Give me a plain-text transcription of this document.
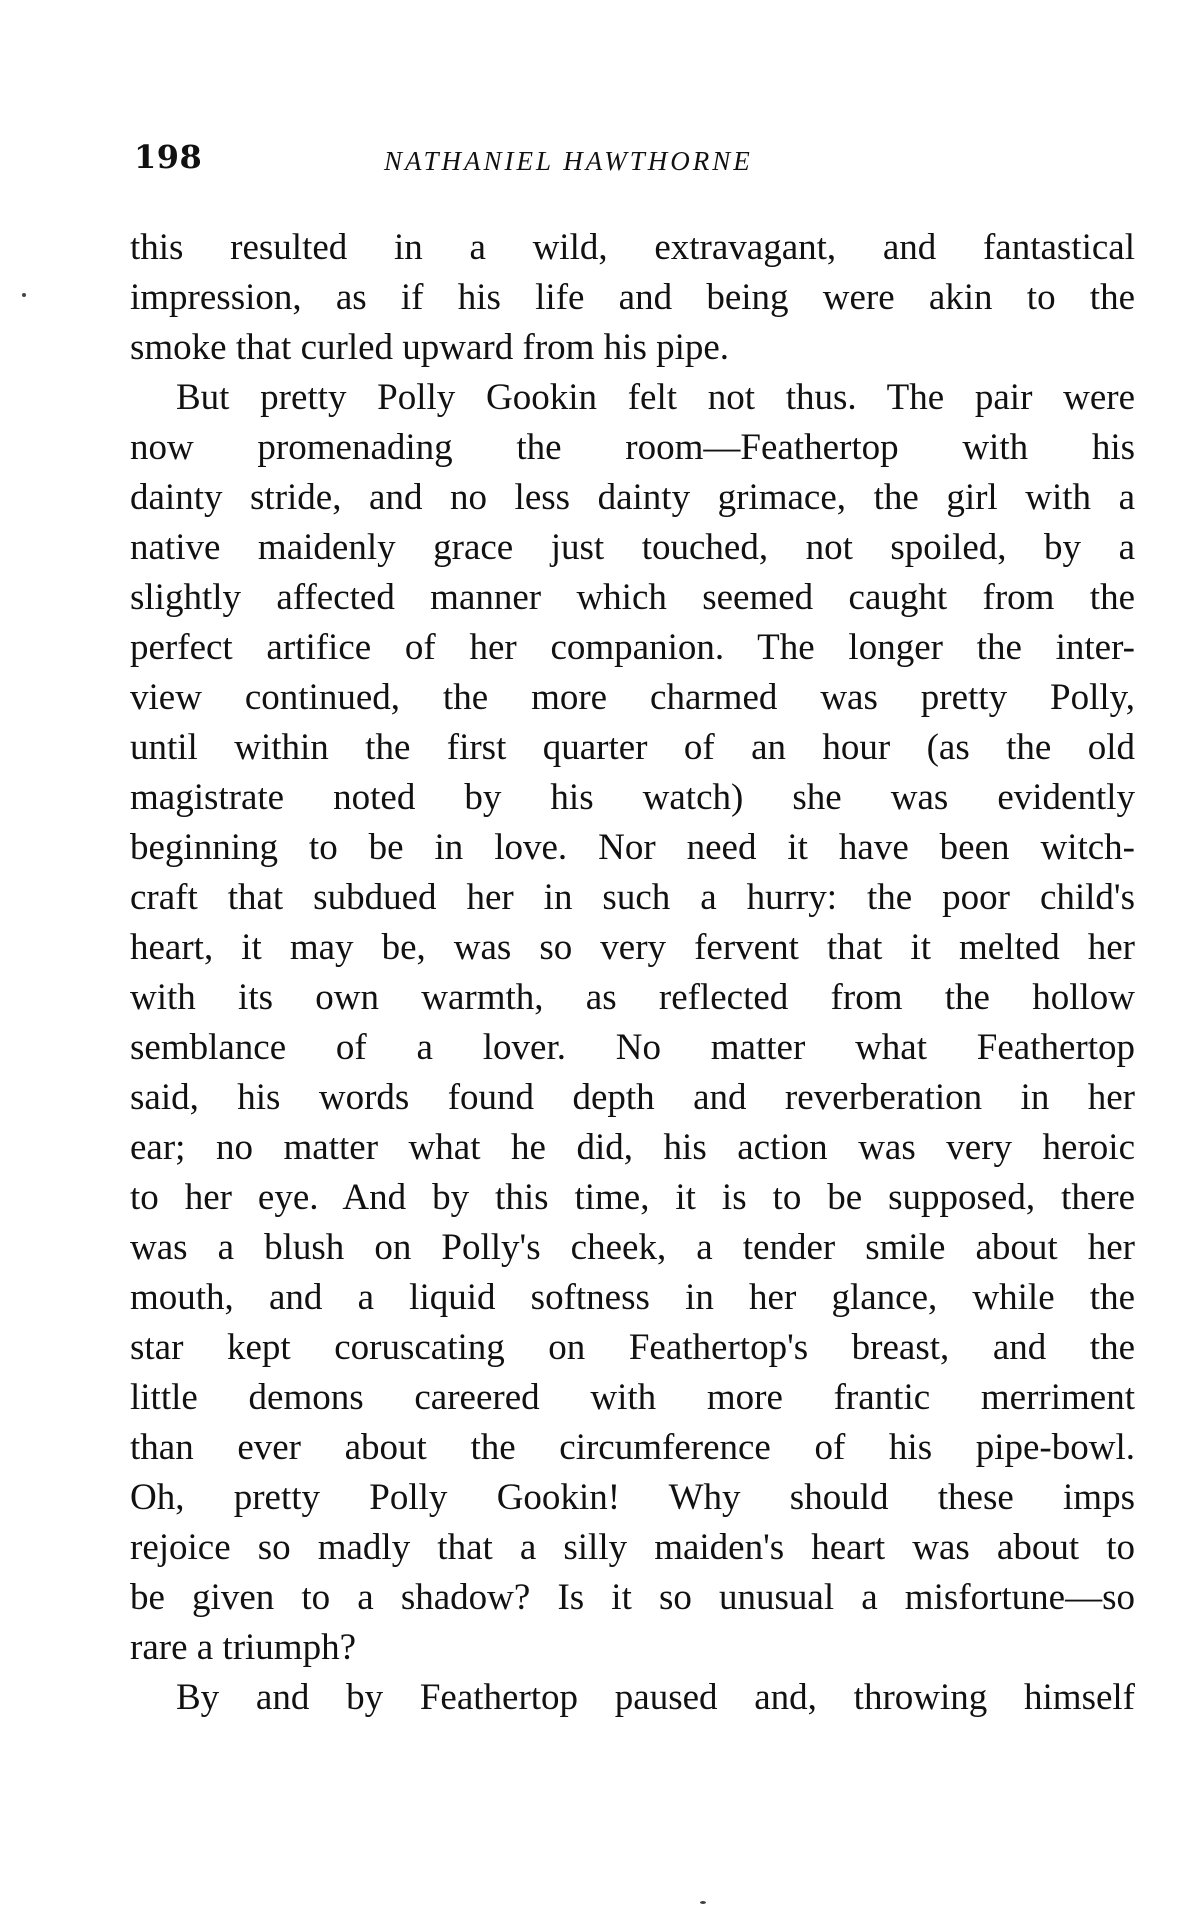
198	NATHANIEL HAWTHORNE
this resulted in a wild, extravagant, and fantastical
impression, as if his life and being were akin to the
smoke that curled upward from his pipe.
But pretty Polly Gookin felt not thus. The pair were
now promenading the room—Feathertop with his
dainty stride, and no less dainty grimace, the girl with a
native maidenly grace just touched, not spoiled, by a
slightly affected manner which seemed caught from the
perfect artifice of her companion. The longer the inter-
view continued, the more charmed was pretty Polly,
until within the first quarter of an hour (as the old
magistrate noted by his watch) she was evidently
beginning to be in love. Nor need it have been witch-
craft that subdued her in such a hurry: the poor child's
heart, it may be, was so very fervent that it melted her
with its own warmth, as reflected from the hollow
semblance of a lover. No matter what Feathertop
said, his words found depth and reverberation in her
ear; no matter what he did, his action was very heroic
to her eye. And by this time, it is to be supposed, there
was a blush on Polly's cheek, a tender smile about her
mouth, and a liquid softness in her glance, while the
star kept coruscating on Feathertop's breast, and the
little demons careered with more frantic merriment
than ever about the circumference of his pipe-bowl.
Oh, pretty Polly Gookin! Why should these imps
rejoice so madly that a silly maiden's heart was about to
be given to a shadow? Is it so unusual a misfortune—so
rare a triumph?
By and by Feathertop paused and, throwing himself
